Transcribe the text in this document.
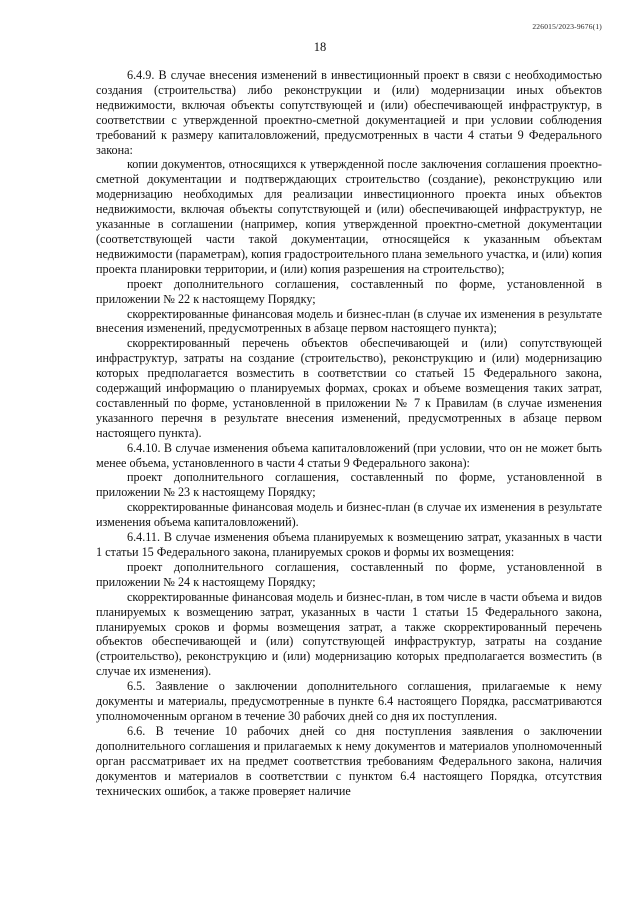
226015/2023-9676(1)
18

6.4.9. В случае внесения изменений в инвестиционный проект в связи с необходимостью создания (строительства) либо реконструкции и (или) модернизации иных объектов недвижимости, включая объекты сопутствующей и (или) обеспечивающей инфраструктур, в соответствии с утвержденной проектно-сметной документацией и при условии соблюдения требований к размеру капиталовложений, предусмотренных в части 4 статьи 9 Федерального закона:

копии документов, относящихся к утвержденной после заключения соглашения проектно-сметной документации и подтверждающих строительство (создание), реконструкцию или модернизацию необходимых для реализации инвестиционного проекта иных объектов недвижимости, включая объекты сопутствующей и (или) обеспечивающей инфраструктур, не указанные в соглашении (например, копия утвержденной проектно-сметной документации (соответствующей части такой документации, относящейся к указанным объектам недвижимости (параметрам), копия градостроительного плана земельного участка, и (или) копия проекта планировки территории, и (или) копия разрешения на строительство);

проект дополнительного соглашения, составленный по форме, установленной в приложении № 22 к настоящему Порядку;

скорректированные финансовая модель и бизнес-план (в случае их изменения в результате внесения изменений, предусмотренных в абзаце первом настоящего пункта);

скорректированный перечень объектов обеспечивающей и (или) сопутствующей инфраструктур, затраты на создание (строительство), реконструкцию и (или) модернизацию которых предполагается возместить в соответствии со статьей 15 Федерального закона, содержащий информацию о планируемых формах, сроках и объеме возмещения таких затрат, составленный по форме, установленной в приложении № 7 к Правилам (в случае изменения указанного перечня в результате внесения изменений, предусмотренных в абзаце первом настоящего пункта).

6.4.10. В случае изменения объема капиталовложений (при условии, что он не может быть менее объема, установленного в части 4 статьи 9 Федерального закона):

проект дополнительного соглашения, составленный по форме, установленной в приложении № 23 к настоящему Порядку;

скорректированные финансовая модель и бизнес-план (в случае их изменения в результате изменения объема капиталовложений).

6.4.11. В случае изменения объема планируемых к возмещению затрат, указанных в части 1 статьи 15 Федерального закона, планируемых сроков и формы их возмещения:

проект дополнительного соглашения, составленный по форме, установленной в приложении № 24 к настоящему Порядку;

скорректированные финансовая модель и бизнес-план, в том числе в части объема и видов планируемых к возмещению затрат, указанных в части 1 статьи 15 Федерального закона, планируемых сроков и формы возмещения затрат, а также скорректированный перечень объектов обеспечивающей и (или) сопутствующей инфраструктур, затраты на создание (строительство), реконструкцию и (или) модернизацию которых предполагается возместить (в случае их изменения).

6.5. Заявление о заключении дополнительного соглашения, прилагаемые к нему документы и материалы, предусмотренные в пункте 6.4 настоящего Порядка, рассматриваются уполномоченным органом в течение 30 рабочих дней со дня их поступления.

6.6. В течение 10 рабочих дней со дня поступления заявления о заключении дополнительного соглашения и прилагаемых к нему документов и материалов уполномоченный орган рассматривает их на предмет соответствия требованиям Федерального закона, наличия документов и материалов в соответствии с пунктом 6.4 настоящего Порядка, отсутствия технических ошибок, а также проверяет наличие
